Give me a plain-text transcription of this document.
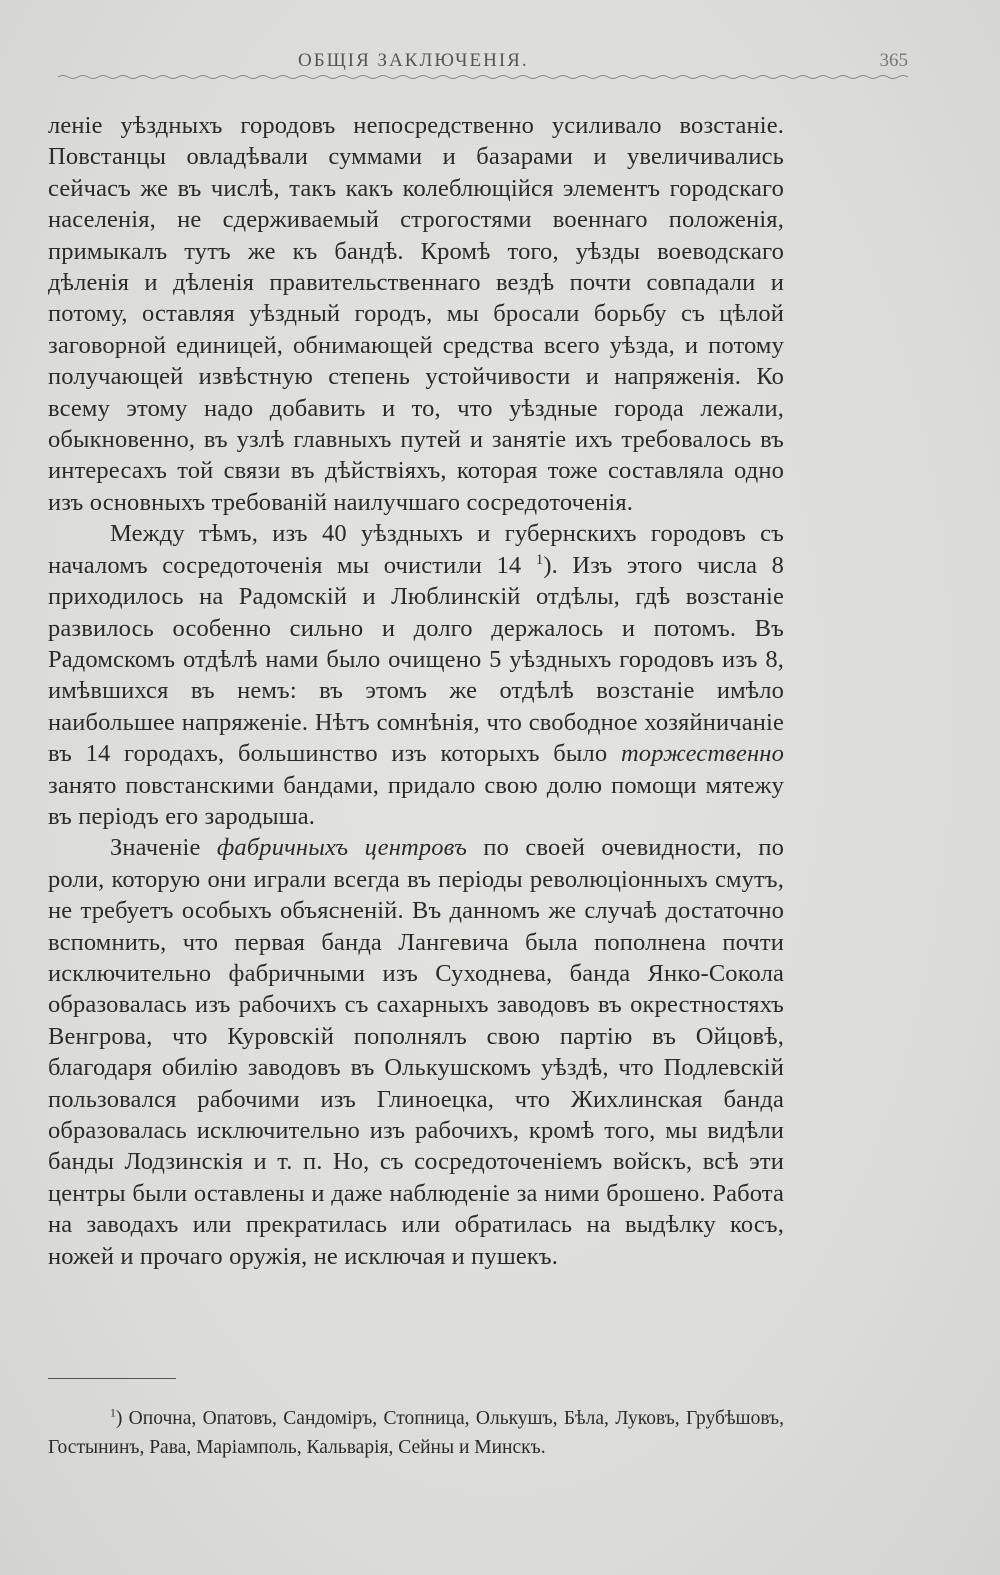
ОБЩІЯ ЗАКЛЮЧЕНІЯ.	365

леніе уѣздныхъ городовъ непосредственно усиливало возстаніе. Повстанцы овладѣвали суммами и базарами и увеличивались сейчасъ же въ числѣ, такъ какъ колеблющійся элементъ городскаго населенія, не сдерживаемый строгостями военнаго положенія, примыкалъ тутъ же къ бандѣ. Кромѣ того, уѣзды воеводскаго дѣленія и дѣленія правительственнаго вездѣ почти совпадали и потому, оставляя уѣздный городъ, мы бросали борьбу съ цѣлой заговорной единицей, обнимающей средства всего уѣзда, и потому получающей извѣстную степень устойчивости и напряженія. Ко всему этому надо добавить и то, что уѣздные города лежали, обыкновенно, въ узлѣ главныхъ путей и занятіе ихъ требовалось въ интересахъ той связи въ дѣйствіяхъ, которая тоже составляла одно изъ основныхъ требованій наилучшаго сосредоточенія.

Между тѣмъ, изъ 40 уѣздныхъ и губернскихъ городовъ съ началомъ сосредоточенія мы очистили 14 $^1$). Изъ этого числа 8 приходилось на Радомскій и Люблинскій отдѣлы, гдѣ возстаніе развилось особенно сильно и долго держалось и потомъ. Въ Радомскомъ отдѣлѣ нами было очищено 5 уѣздныхъ городовъ изъ 8, имѣвшихся въ немъ: въ этомъ же отдѣлѣ возстаніе имѣло наибольшее напряженіе. Нѣтъ сомнѣнія, что свободное хозяйничаніе въ 14 городахъ, большинство изъ которыхъ было торжественно занято повстанскими бандами, придало свою долю помощи мятежу въ періодъ его зародыша.

Значеніе фабричныхъ центровъ по своей очевидности, по роли, которую они играли всегда въ періоды революціонныхъ смутъ, не требуетъ особыхъ объясненій. Въ данномъ же случаѣ достаточно вспомнить, что первая банда Лангевича была пополнена почти исключительно фабричными изъ Суходнева, банда Янко-Сокола образовалась изъ рабочихъ съ сахарныхъ заводовъ въ окрестностяхъ Венгрова, что Куровскій пополнялъ свою партію въ Ойцовѣ, благодаря обилію заводовъ въ Олькушскомъ уѣздѣ, что Подлевскій пользовался рабочими изъ Глиноецка, что Жихлинская банда образовалась исключительно изъ рабочихъ, кромѣ того, мы видѣли банды Лодзинскія и т. п. Но, съ сосредоточеніемъ войскъ, всѣ эти центры были оставлены и даже наблюденіе за ними брошено. Работа на заводахъ или прекратилась или обратилась на выдѣлку косъ, ножей и прочаго оружія, не исключая и пушекъ.

$^1$) Опочна, Опатовъ, Сандоміръ, Стопница, Олькушъ, Бѣла, Луковъ, Грубѣшовъ, Гостынинъ, Рава, Маріамполь, Кальварія, Сейны и Минскъ.
